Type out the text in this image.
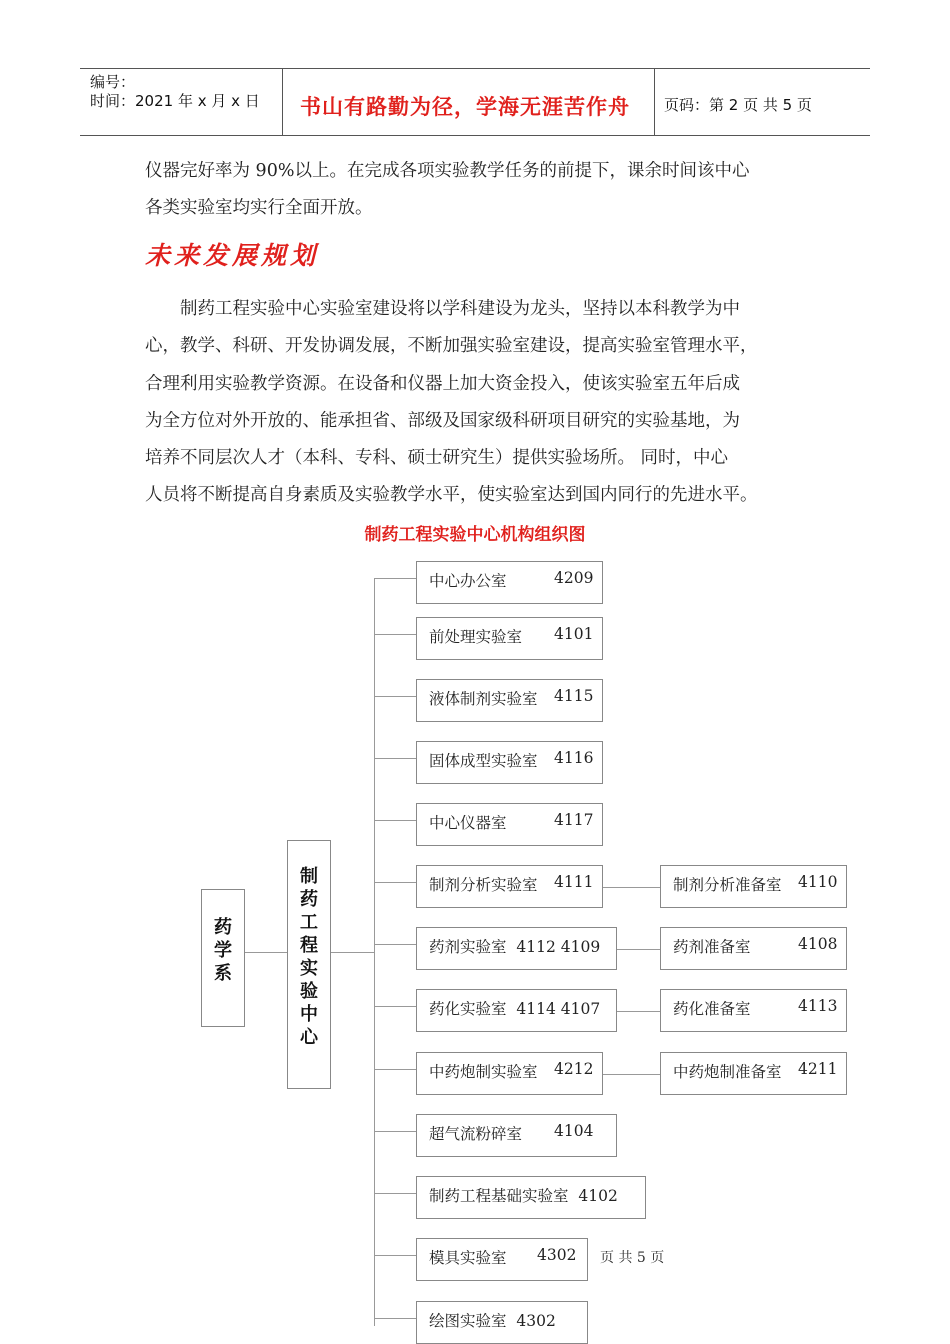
编号：
时间：2021 年 x 月 x 日 书山有路勤为径，学海无涯苦作舟 页码：第 2 页 共 5 页
仪器完好率为 90%以上。在完成各项实验教学任务的前提下，课余时间该中心
各类实验室均实行全面开放。
未来发展规划
制药工程实验中心实验室建设将以学科建设为龙头，坚持以本科教学为中
心，教学、科研、开发协调发展，不断加强实验室建设，提高实验室管理水平，
合理利用实验教学资源。在设备和仪器上加大资金投入，使该实验室五年后成
为全方位对外开放的、能承担省、部级及国家级科研项目研究的实验基地，为
培养不同层次人才（本科、专科、硕士研究生）提供实验场所。 同时，中心
人员将不断提高自身素质及实验教学水平，使实验室达到国内同行的先进水平。
制药工程实验中心机构组织图
药
学
系
制
药
工
程
实
验
中
心
中心办公室	4209
前处理实验室 4101
液体制剂实验室 4115
固体成型实验室 4116
中心仪器室	4117
制剂分析实验室 4111
药剂实验室 4112 4109
药化实验室 4114 4107
中药炮制实验室 4212
超气流粉碎室 4104
制药工程基础实验室 4102
模具实验室 4302
绘图实验室 4302
制剂分析准备室 4110
药剂准备室	4108
药化准备室	4113
中药炮制准备室 4211
页 共 5 页
